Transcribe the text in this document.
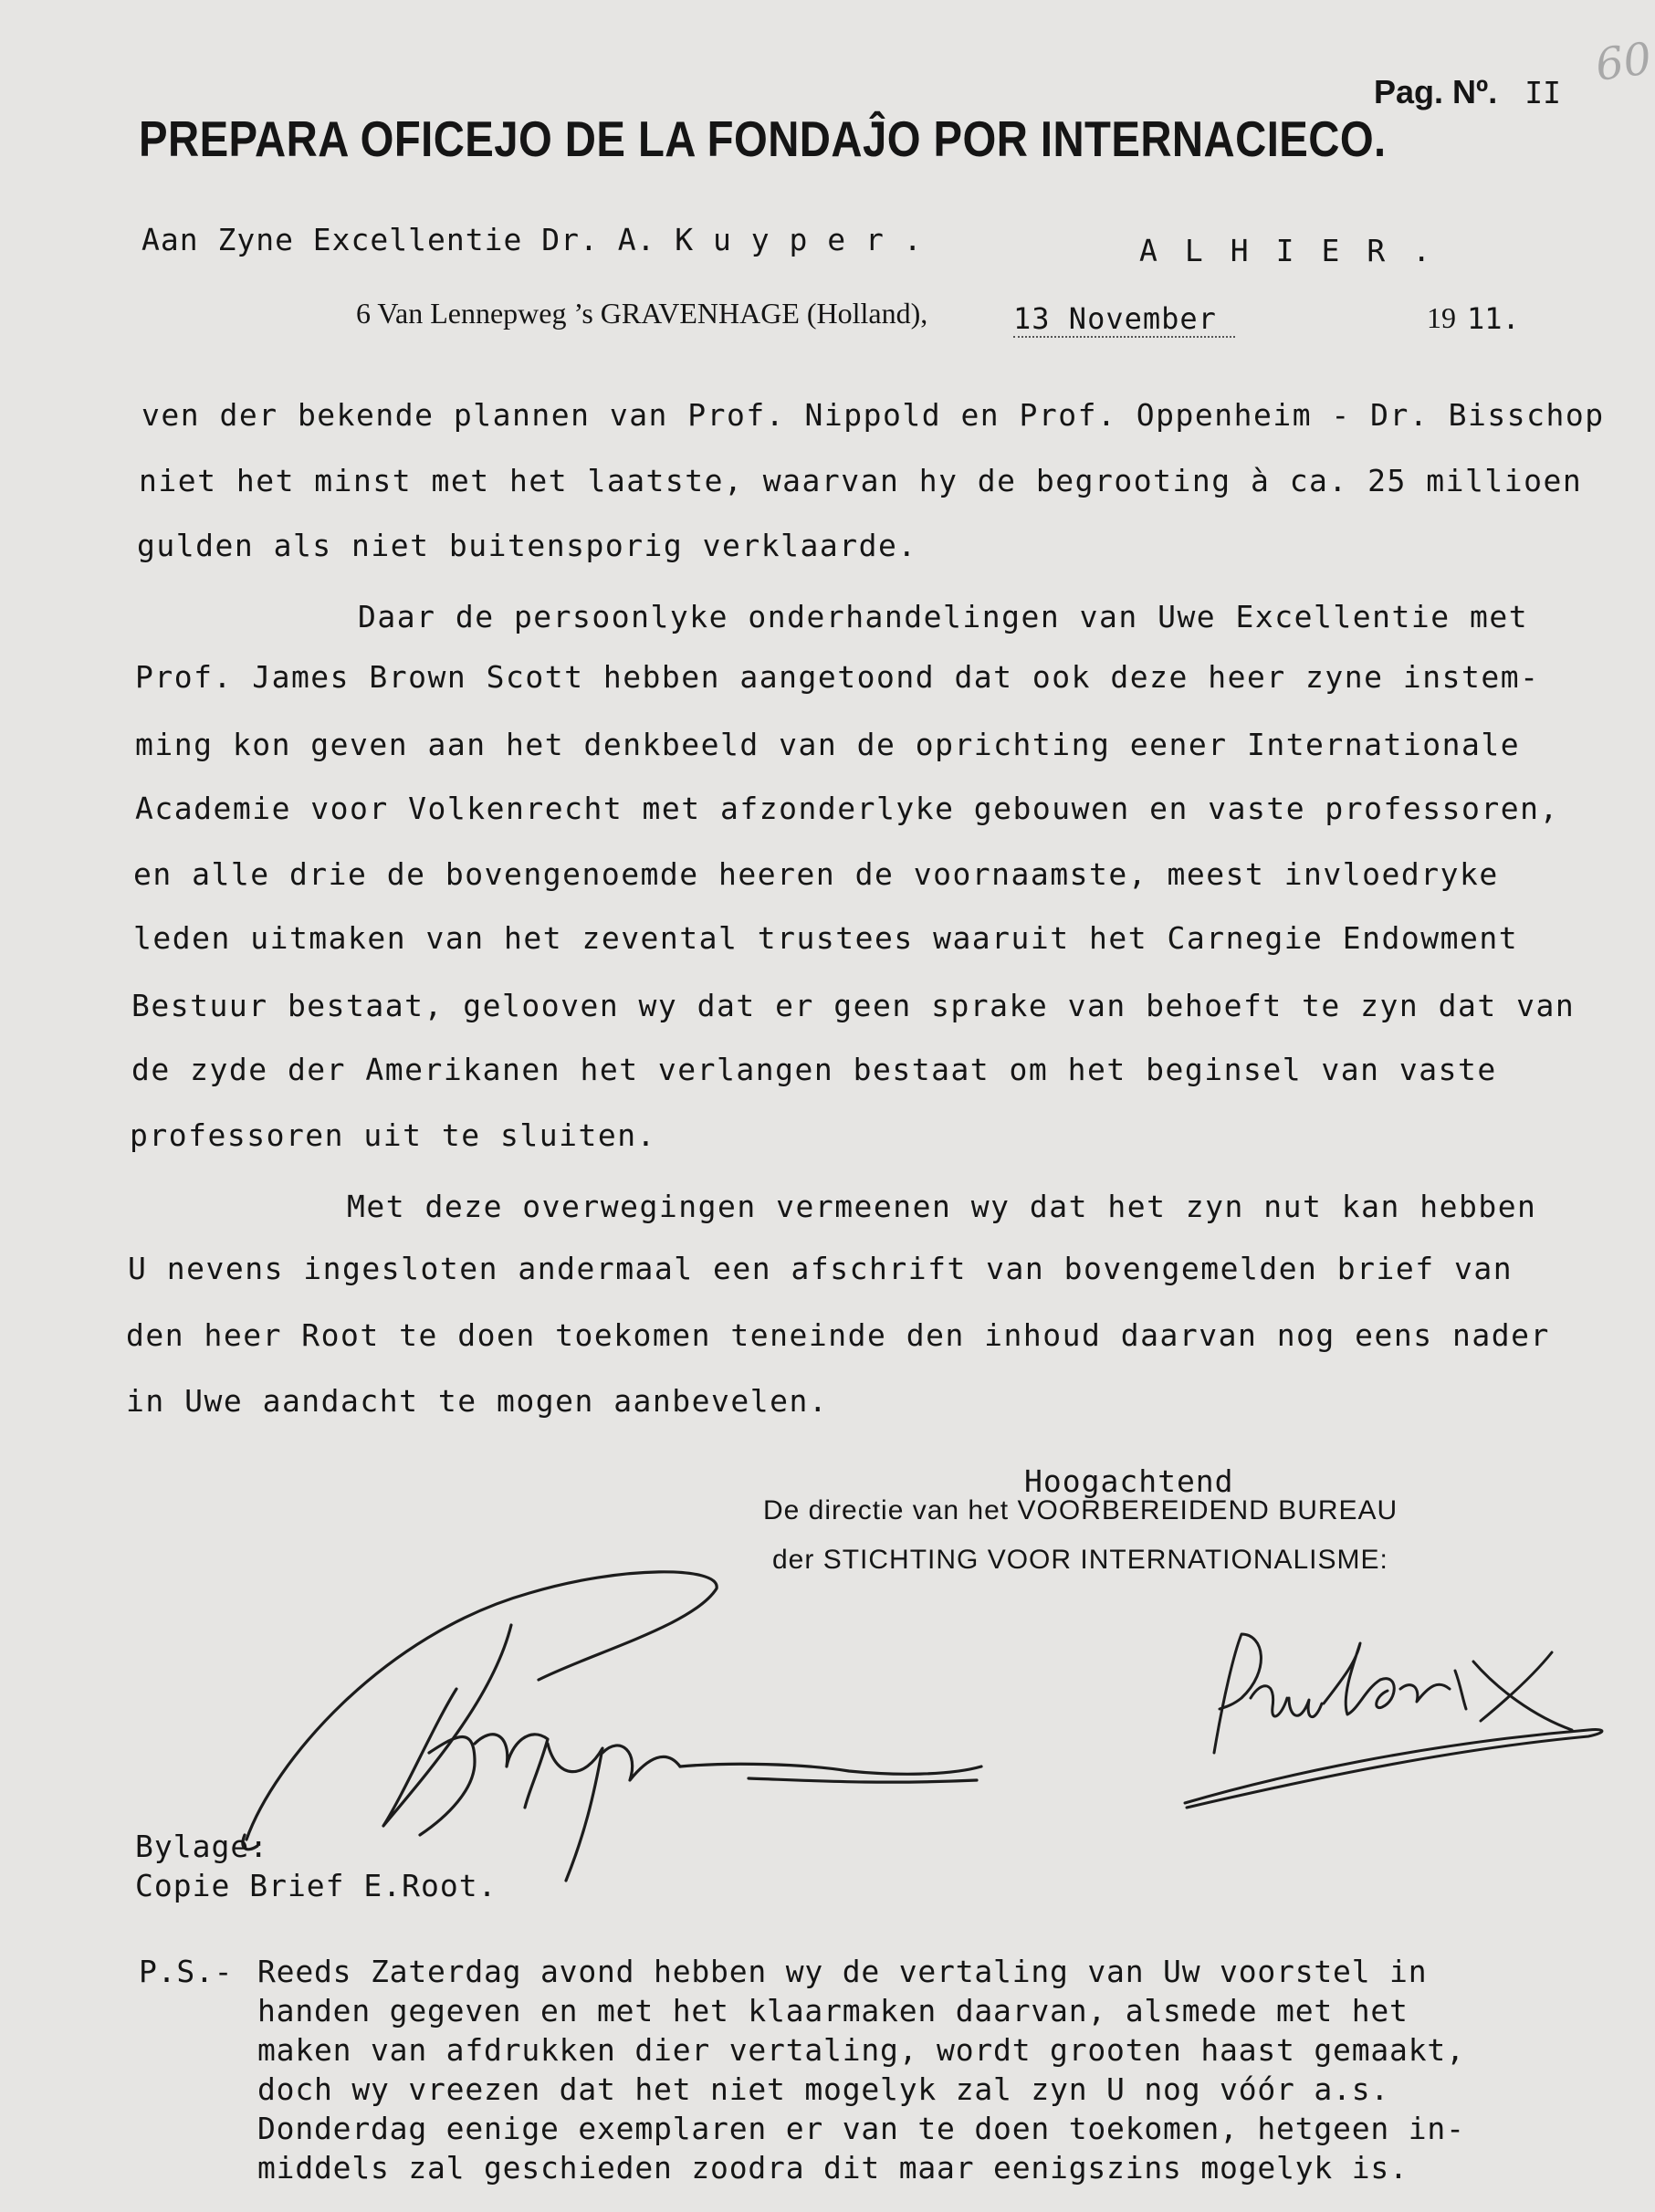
Pag. Nº. II

60
PREPARA OFICEJO DE LA FONDAĴO POR INTERNACIECO.
Aan Zyne Excellentie Dr. A. K u y p e r .	ALHIER.
6 Van Lennepweg ’s GRAVENHAGE (Holland),	13 November	19 11.
ven der bekende plannen van Prof. Nippold en Prof. Oppenheim - Dr. Bisschop
niet het minst met het laatste, waarvan hy de begrooting à ca. 25 millioen
gulden als niet buitensporig verklaarde.
Daar de persoonlyke onderhandelingen van Uwe Excellentie met
Prof. James Brown Scott hebben aangetoond dat ook deze heer zyne instem-
ming kon geven aan het denkbeeld van de oprichting eener Internationale
Academie voor Volkenrecht met afzonderlyke gebouwen en vaste professoren,
en alle drie de bovengenoemde heeren de voornaamste, meest invloedryke
leden uitmaken van het zevental trustees waaruit het Carnegie Endowment
Bestuur bestaat, gelooven wy dat er geen sprake van behoeft te zyn dat van
de zyde der Amerikanen het verlangen bestaat om het beginsel van vaste
professoren uit te sluiten.
Met deze overwegingen vermeenen wy dat het zyn nut kan hebben
U nevens ingesloten andermaal een afschrift van bovengemelden brief van
den heer Root te doen toekomen teneinde den inhoud daarvan nog eens nader
in Uwe aandacht te mogen aanbevelen.
Hoogachtend
De directie van het VOORBEREIDEND BUREAU
der STICHTING VOOR INTERNATIONALISME:
Bylage:
Copie Brief E.Root.
P.S.- Reeds Zaterdag avond hebben wy de vertaling van Uw voorstel in
handen gegeven en met het klaarmaken daarvan, alsmede met het
maken van afdrukken dier vertaling, wordt grooten haast gemaakt,
doch wy vreezen dat het niet mogelyk zal zyn U nog vóór a.s.
Donderdag eenige exemplaren er van te doen toekomen, hetgeen in-
middels zal geschieden zoodra dit maar eenigszins mogelyk is.
